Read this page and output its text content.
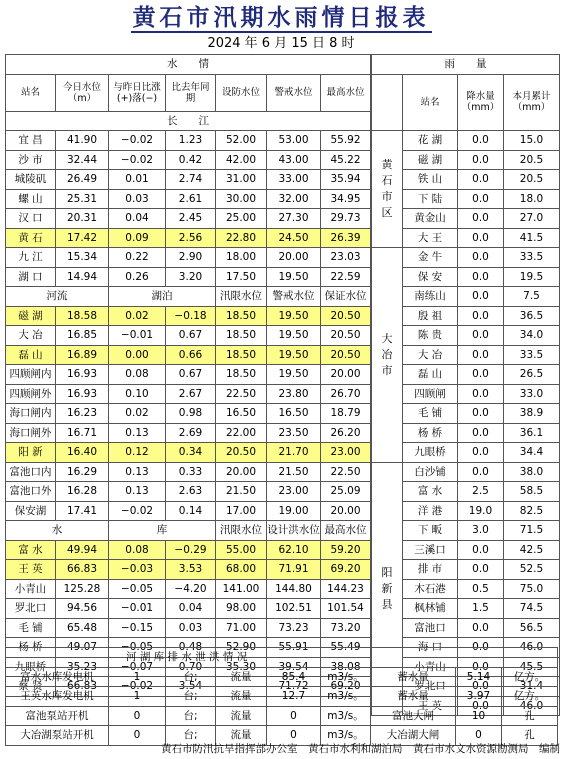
黄石市汛期水雨情日报表
2024 年 6 月 15 日 8 时
水　　情						
站名	今日水位（m）	与昨日比涨(+)落(−)	比去年同 期	设防水位	警戒水位	最高水位
长　　江						
宜 昌	41.90	−0.02	1.23	52.00	53.00	55.92
沙 市	32.44	−0.02	0.42	42.00	43.00	45.22
城陵矶	26.49	0.01	2.74	31.00	33.00	35.94
螺 山	25.31	0.03	2.61	30.00	32.00	34.95
汉 口	20.31	0.04	2.45	25.00	27.30	29.73
黄 石	17.42	0.09	2.56	22.80	24.50	26.39
九 江	15.34	0.22	2.90	18.00	20.00	23.03
湖 口	14.94	0.26	3.20	17.50	19.50	22.59
河流		湖泊		汛限水位	警戒水位	保证水位
磁 湖	18.58	0.02	−0.18	18.50	19.50	20.50
大 冶	16.85	−0.01	0.67	18.50	19.50	20.50
磊 山	16.89	0.00	0.66	18.50	19.50	20.50
四顾闸内	16.93	0.08	0.67	18.50	19.50	20.00
四顾闸外	16.93	0.10	2.67	22.50	23.80	26.70
海口闸内	16.23	0.02	0.98	16.50	16.50	18.79
海口闸外	16.71	0.13	2.69	22.00	23.50	26.20
阳 新	16.40	0.12	0.34	20.50	21.70	23.00
富池口内	16.29	0.13	0.33	20.00	21.50	22.50
富池口外	16.28	0.13	2.63	21.50	23.00	25.09
保安湖	17.41	−0.02	0.14	17.00	19.00	20.00
水		库		汛限水位	设计洪水位	最高水位
富 水	49.94	0.08	−0.29	55.00	62.10	59.20
王 英	66.83	−0.03	3.53	68.00	71.91	69.20
小青山	125.28	−0.05	−4.20	141.00	144.80	144.23
罗北口	94.56	−0.01	0.04	98.00	102.51	101.54
毛 铺	65.48	−0.15	0.03	71.00	73.23	73.20
杨 桥	49.07	−0.05	0.48	52.90	55.91	55.49
九眼桥	35.23	−0.07	0.70	35.30	39.54	38.08
蔡 贤	66.83	−0.02	3.54		71.72	69.20
雨　　量			
	站名	降水量（mm）	本月累计（mm）
黄
石
市
区	花 湖	0.0	15.0
	磁 湖	0.0	20.5
	铁 山	0.0	20.5
	下 陆	0.0	18.0
	黄金山	0.0	27.0
	大 王	0.0	41.5
大
冶
市	金 牛	0.0	33.5
	保 安	0.0	19.5
	南练山	0.0	7.5
	殷 祖	0.0	36.5
	陈 贵	0.0	34.0
	大 冶	0.0	33.5
	磊 山	0.0	26.5
	四顾闸	0.0	33.0
	毛 铺	0.0	38.9
	杨 桥	0.0	36.1
	九眼桥	0.0	34.4
阳
新
县	白沙铺	0.0	38.0
	富 水	2.5	58.5
	洋 港	19.0	82.5
	下 畈	3.0	71.5
	三溪口	0.0	42.5
	排 市	0.0	52.5
	木石港	0.5	75.0
	枫林铺	1.5	74.5
	富池口	0.0	56.5
	海 口	0.0	46.0
	小青山	0.0	45.5
	罗北口	0.0	31.4
	王 英	0.0	46.0
河 湖 库 排 水 泄 洪 情 况								
富水水库发电机	1	台;	流量	85.4	m3/s。	蓄水量	5.14	亿方。
王英水库发电机	1	台;	流量	12.7	m3/s。	蓄水量	3.97	亿方。
富池泵站开机	0	台;	流量	0	m3/s。	富池大闸	10	孔
大冶湖泵站开机	0	台;	流量	0	m3/s。	大冶湖大闸	0	孔
黄石市防汛抗旱指挥部办公室　黄石市水利和湖泊局　黄石市水文水资源勘测局　编制
